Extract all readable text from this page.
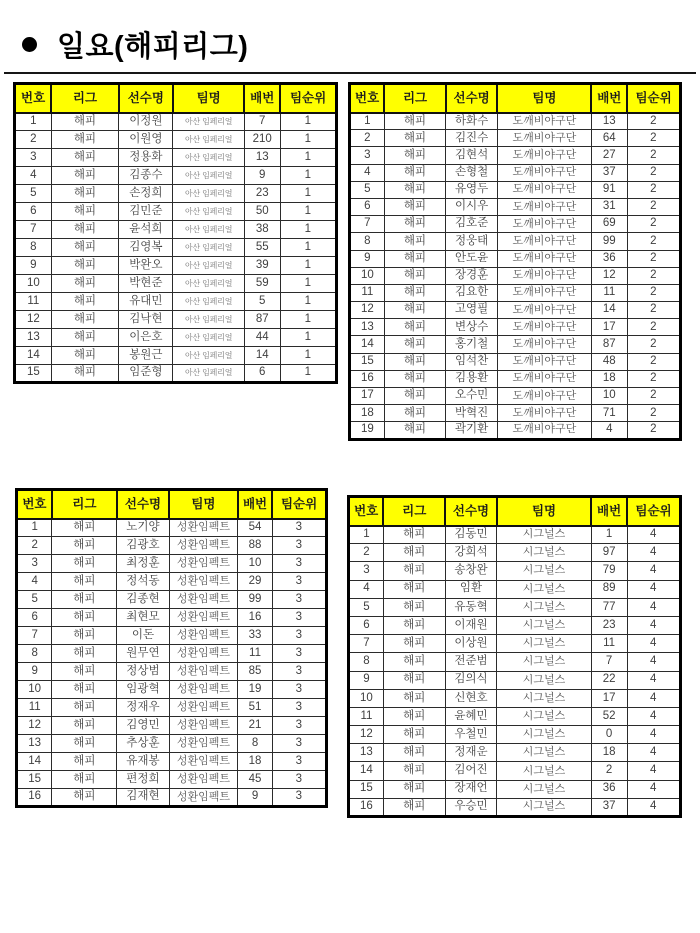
일요(해피리그)
번호	리그	선수명	팀명	배번	팀순위
1	해피	이정원	아산 임페리얼	7	1
2	해피	이원영	아산 임페리얼	210	1
3	해피	정용화	아산 임페리얼	13	1
4	해피	김종수	아산 임페리얼	9	1
5	해피	손정희	아산 임페리얼	23	1
6	해피	김민준	아산 임페리얼	50	1
7	해피	윤석희	아산 임페리얼	38	1
8	해피	김영복	아산 임페리얼	55	1
9	해피	박완오	아산 임페리얼	39	1
10	해피	박현준	아산 임페리얼	59	1
11	해피	유대민	아산 임페리얼	5	1
12	해피	김낙현	아산 임페리얼	87	1
13	해피	이은호	아산 임페리얼	44	1
14	해피	봉원근	아산 임페리얼	14	1
15	해피	임준형	아산 임페리얼	6	1
번호	리그	선수명	팀명	배번	팀순위
1	해피	하화수	도깨비야구단	13	2
2	해피	김진수	도깨비야구단	64	2
3	해피	김현석	도깨비야구단	27	2
4	해피	손형철	도깨비야구단	37	2
5	해피	유영두	도깨비야구단	91	2
6	해피	이시우	도깨비야구단	31	2
7	해피	김호준	도깨비야구단	69	2
8	해피	정웅태	도깨비야구단	99	2
9	해피	안도윤	도깨비야구단	36	2
10	해피	장경훈	도깨비야구단	12	2
11	해피	김요한	도깨비야구단	11	2
12	해피	고영필	도깨비야구단	14	2
13	해피	변상수	도깨비야구단	17	2
14	해피	홍기철	도깨비야구단	87	2
15	해피	임석찬	도깨비야구단	48	2
16	해피	김용환	도깨비야구단	18	2
17	해피	오수민	도깨비야구단	10	2
18	해피	박혁진	도깨비야구단	71	2
19	해피	곽기환	도깨비야구단	4	2
번호	리그	선수명	팀명	배번	팀순위
1	해피	노기양	성환임펙트	54	3
2	해피	김광호	성환임펙트	88	3
3	해피	최정훈	성환임펙트	10	3
4	해피	정석동	성환임펙트	29	3
5	해피	김종현	성환임펙트	99	3
6	해피	최현모	성환임펙트	16	3
7	해피	이돈	성환임펙트	33	3
8	해피	원무연	성환임펙트	11	3
9	해피	정상범	성환임펙트	85	3
10	해피	임광혁	성환임펙트	19	3
11	해피	정재우	성환임펙트	51	3
12	해피	김영민	성환임펙트	21	3
13	해피	추상훈	성환임펙트	8	3
14	해피	유재봉	성환임펙트	18	3
15	해피	편정희	성환임펙트	45	3
16	해피	김재현	성환임펙트	9	3
번호	리그	선수명	팀명	배번	팀순위
1	해피	김동민	시그널스	1	4
2	해피	강희석	시그널스	97	4
3	해피	송창완	시그널스	79	4
4	해피	임환	시그널스	89	4
5	해피	유동혁	시그널스	77	4
6	해피	이재원	시그널스	23	4
7	해피	이상원	시그널스	11	4
8	해피	전준범	시그널스	7	4
9	해피	김의식	시그널스	22	4
10	해피	신현호	시그널스	17	4
11	해피	윤혜민	시그널스	52	4
12	해피	우철민	시그널스	0	4
13	해피	정재운	시그널스	18	4
14	해피	김어진	시그널스	2	4
15	해피	장재언	시그널스	36	4
16	해피	우승민	시그널스	37	4
